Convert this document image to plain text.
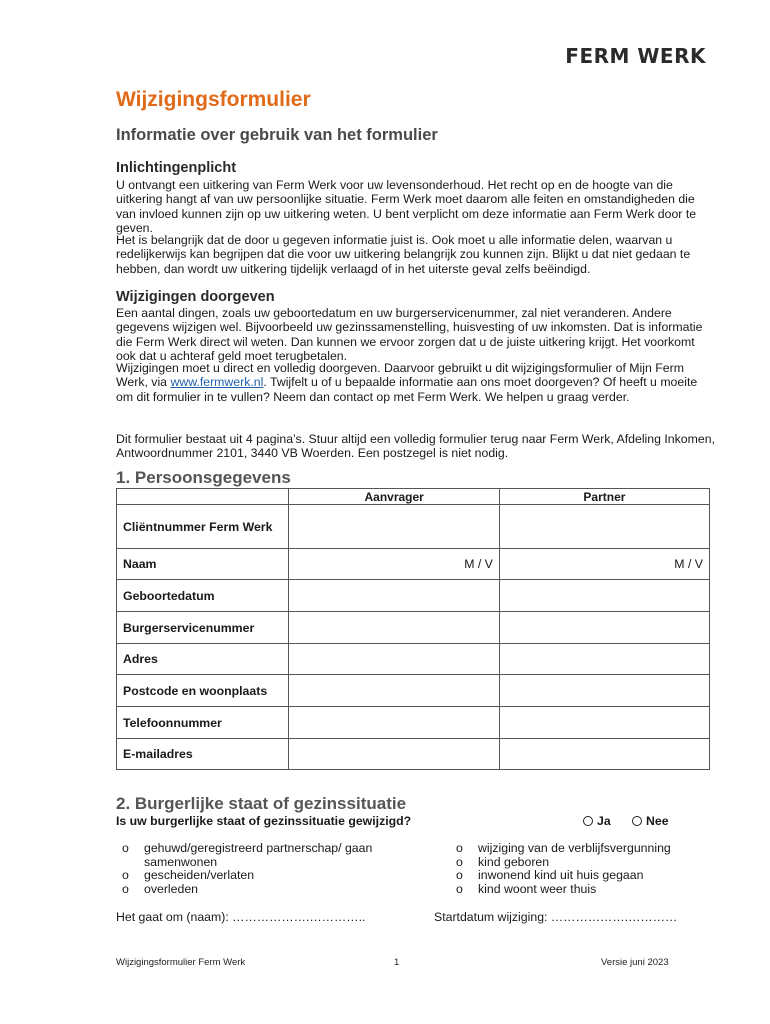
FERM WERK
Wijzigingsformulier
Informatie over gebruik van het formulier
Inlichtingenplicht

U ontvangt een uitkering van Ferm Werk voor uw levensonderhoud. Het recht op en de hoogte van die uitkering hangt af van uw persoonlijke situatie. Ferm Werk moet daarom alle feiten en omstandigheden die van invloed kunnen zijn op uw uitkering weten. U bent verplicht om deze informatie aan Ferm Werk door te geven.

Het is belangrijk dat de door u gegeven informatie juist is. Ook moet u alle informatie delen, waarvan u redelijkerwijs kan begrijpen dat die voor uw uitkering belangrijk zou kunnen zijn. Blijkt u dat niet gedaan te hebben, dan wordt uw uitkering tijdelijk verlaagd of in het uiterste geval zelfs beëindigd.

Wijzigingen doorgeven

Een aantal dingen, zoals uw geboortedatum en uw burgerservicenummer, zal niet veranderen. Andere gegevens wijzigen wel. Bijvoorbeeld uw gezinssamenstelling, huisvesting of uw inkomsten. Dat is informatie die Ferm Werk direct wil weten. Dan kunnen we ervoor zorgen dat u de juiste uitkering krijgt. Het voorkomt ook dat u achteraf geld moet terugbetalen.

Wijzigingen moet u direct en volledig doorgeven. Daarvoor gebruikt u dit wijzigingsformulier of Mijn Ferm Werk, via www.fermwerk.nl. Twijfelt u of u bepaalde informatie aan ons moet doorgeven? Of heeft u moeite om dit formulier in te vullen? Neem dan contact op met Ferm Werk. We helpen u graag verder.

Dit formulier bestaat uit 4 pagina’s. Stuur altijd een volledig formulier terug naar Ferm Werk, Afdeling Inkomen, Antwoordnummer 2101, 3440 VB Woerden. Een postzegel is niet nodig.

1. Persoonsgegevens
	Aanvrager	Partner
Cliëntnummer Ferm Werk		
Naam	M / V	M / V
Geboortedatum		
Burgerservicenummer		
Adres		
Postcode en woonplaats		
Telefoonnummer		
E-mailadres		
2. Burgerlijke staat of gezinssituatie
Is uw burgerlijke staat of gezinssituatie gewijzigd?	Ja	Nee
o gehuwd/geregistreerd partnerschap/ gaan samenwonen
o gescheiden/verlaten
o overleden
o wijziging van de verblijfsvergunning
o kind geboren
o inwonend kind uit huis gegaan
o kind woont weer thuis
Het gaat om (naam): ……………….…………..	Startdatum wijziging: ……………….…………
Wijzigingsformulier Ferm Werk	1	Versie juni 2023
